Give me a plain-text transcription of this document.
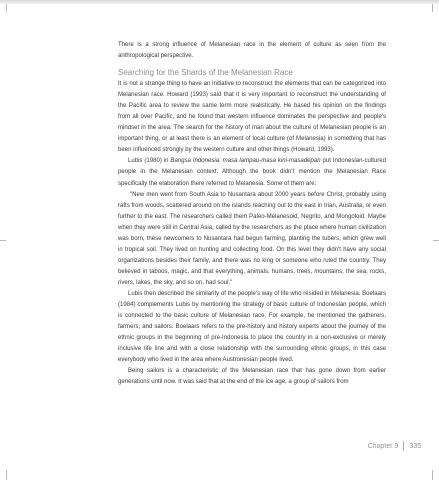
There is a strong influence of Melanesian race in the element of culture as seen from the anthropological perspective.

Searching for the Shards of the Melanesian Race

It is not a strange thing to have an initiative to reconstruct the elements that can be categorized into Melanesian race. Howard (1993) said that it is very important to reconstruct the understanding of the Pacific area to review the same term more realistically. He based his opinion on the findings from all over Pacific, and he found that western influence dominates the perspective and people's mindset in the area. The search for the history of man about the culture of Melanesian people is an important thing, or at least there is an element of local culture (of Melanesia) in something that has been influenced strongly by the western culture and other things (Howard, 1993).

Lubis (1980) in Bangsa Indonesia: masa lampau-masa kini-masadepan put Indonesian-cultured people in the Melanesian context. Although the book didn't mention the Melanesian Race specifically the elaboration there referred to Melanesia. Some of them are:

"New men went from South Asia to Nusantara about 2000 years before Christ, probably using rafts from woods, scattered around on the islands reaching out to the east in Irian, Australia, or even further to the east. The researchers called them Paleo-Melanesoid, Negrito, and Mongoloid. Maybe when they were still in Central Asia, called by the researchers as the place where human civilization was born, these newcomers to Nusantara had begun farming, planting the tubers, which grew well in tropical soil. They lived on hunting and collecting food. On this level they didn't have any social organizations besides their family, and there was no king or someone who ruled the country. They believed in taboos, magic, and that everything, animals, humans, trees, mountains, the sea, rocks, rivers, lakes, the sky, and so on, had soul."

Lubis then described the similarity of the people's way of life who resided in Melanesia. Boelaars (1984) complements Lubis by mentioning the strategy of basic culture of Indonesian people, which is connected to the basic culture of Melanesian race. For example, he mentioned the gatherers, farmers, and sailors. Boelaars refers to the pre-history and history experts about the journey of the ethnic groups in the beginning of pre-Indonesia to place the country in a non-exclusive or merely inclusive life line and with a close relationship with the surrounding ethnic groups, in this case everybody who lived in the area where Austronesian people lived.

Being sailors is a characteristic of the Melanesian race that has gone down from earlier generations until now. It was said that at the end of the ice age, a group of sailors from

Chapter 9 335
